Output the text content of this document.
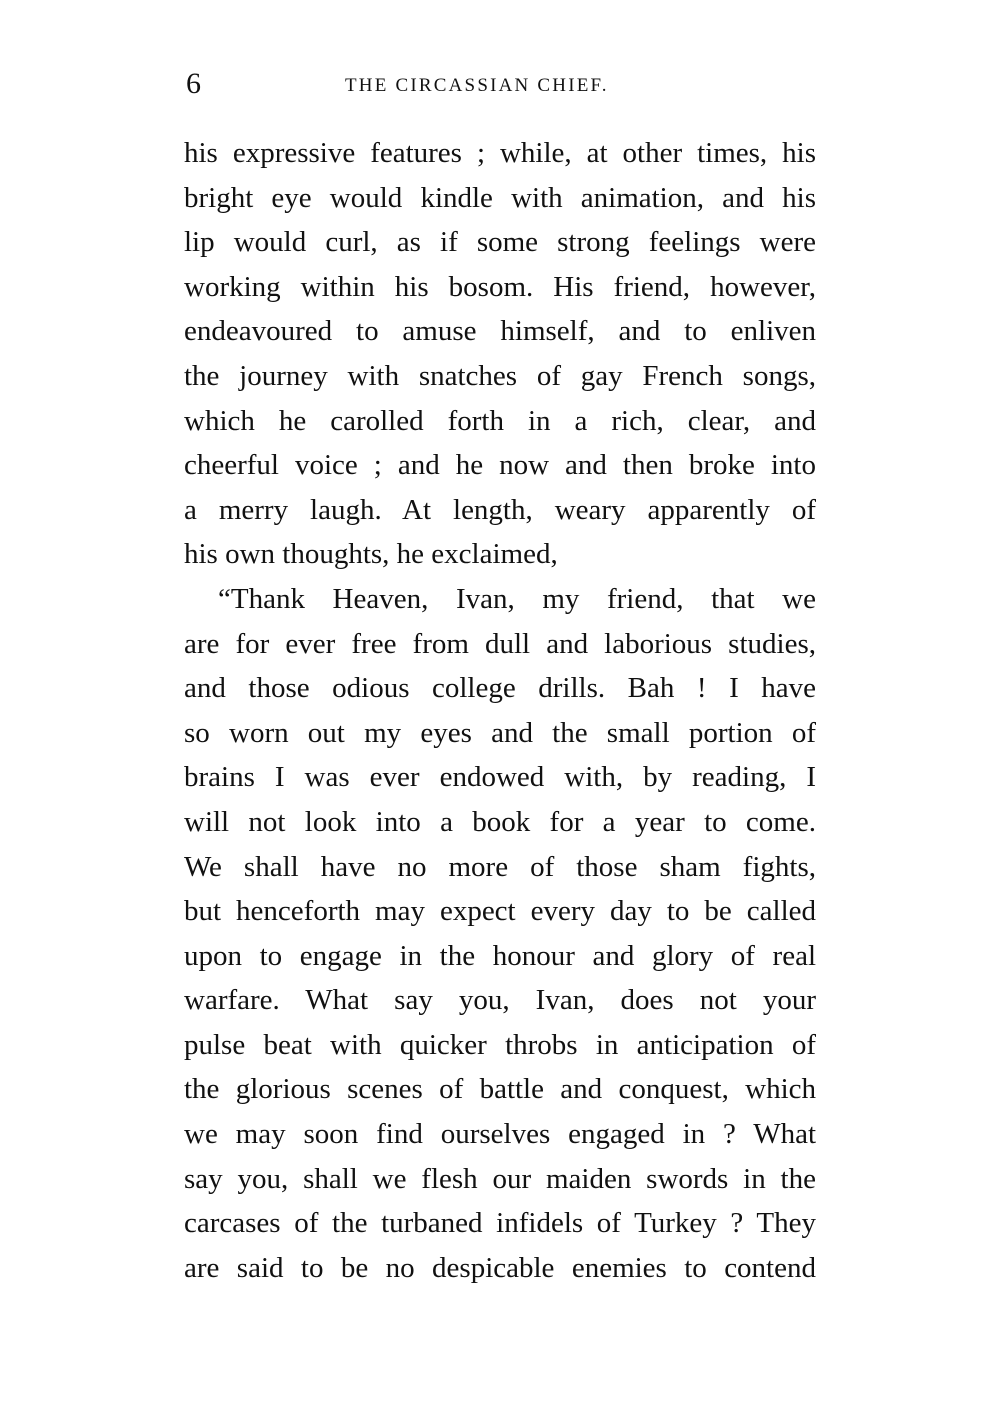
6	THE CIRCASSIAN CHIEF.
his expressive features ; while, at other times, his
bright eye would kindle with animation, and his
lip would curl, as if some strong feelings were
working within his bosom. His friend, however,
endeavoured to amuse himself, and to enliven
the journey with snatches of gay French songs,
which he carolled forth in a rich, clear, and
cheerful voice ; and he now and then broke into
a merry laugh. At length, weary apparently of
his own thoughts, he exclaimed,
“Thank Heaven, Ivan, my friend, that we
are for ever free from dull and laborious studies,
and those odious college drills. Bah ! I have
so worn out my eyes and the small portion of
brains I was ever endowed with, by reading, I
will not look into a book for a year to come.
We shall have no more of those sham fights,
but henceforth may expect every day to be called
upon to engage in the honour and glory of real
warfare. What say you, Ivan, does not your
pulse beat with quicker throbs in anticipation of
the glorious scenes of battle and conquest, which
we may soon find ourselves engaged in ? What
say you, shall we flesh our maiden swords in the
carcases of the turbaned infidels of Turkey ? They
are said to be no despicable enemies to contend
